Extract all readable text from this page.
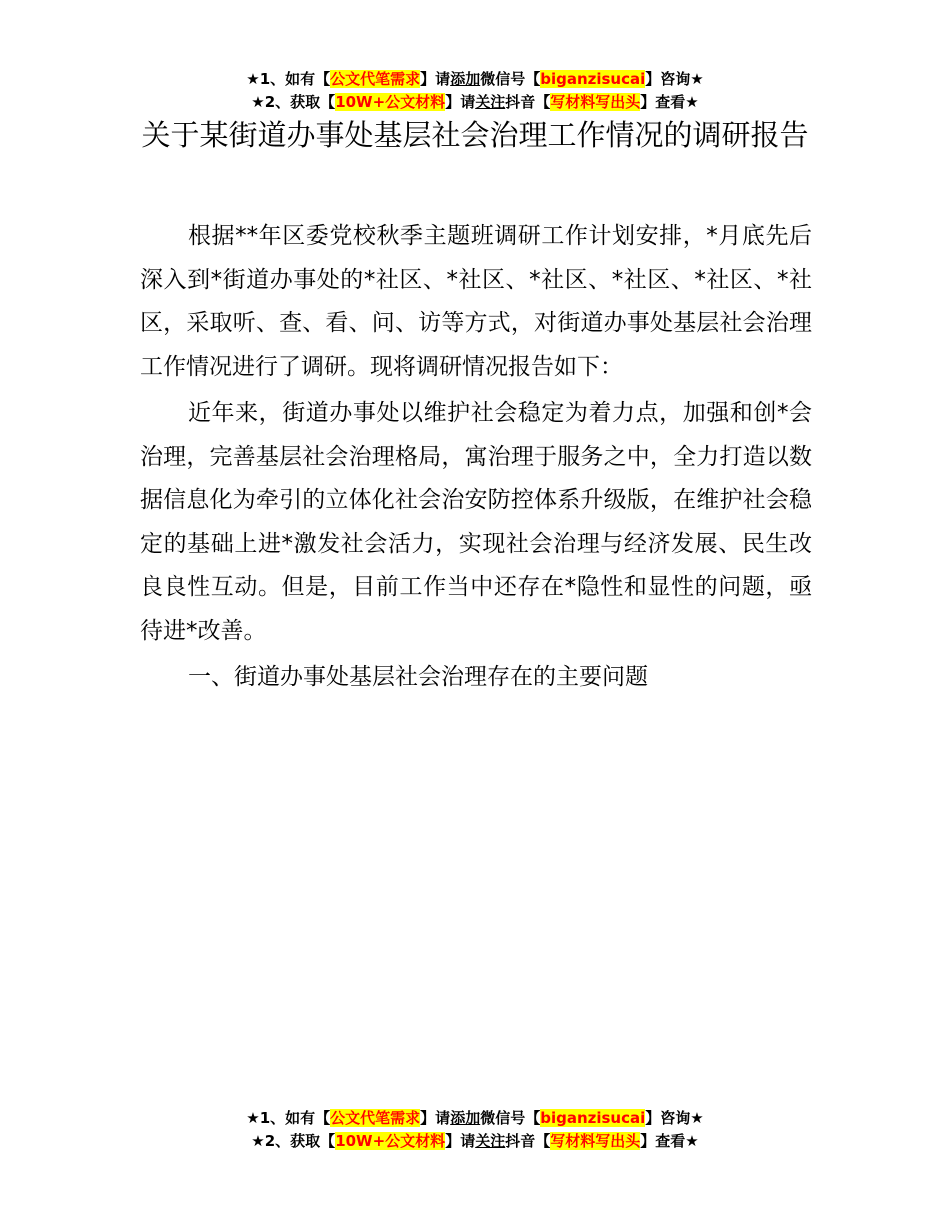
★1、如有【公文代笔需求】请添加微信号【biganzisucai】咨询★
★2、获取【10W+公文材料】请关注抖音【写材料写出头】查看★
关于某街道办事处基层社会治理工作情况的调研报告

根据**年区委党校秋季主题班调研工作计划安排，*月底先后深入到*街道办事处的*社区、*社区、*社区、*社区、*社区、*社区，采取听、查、看、问、访等方式，对街道办事处基层社会治理工作情况进行了调研。现将调研情况报告如下：

近年来，街道办事处以维护社会稳定为着力点，加强和创*会治理，完善基层社会治理格局，寓治理于服务之中，全力打造以数据信息化为牵引的立体化社会治安防控体系升级版，在维护社会稳定的基础上进*激发社会活力，实现社会治理与经济发展、民生改良良性互动。但是，目前工作当中还存在*隐性和显性的问题，亟待进*改善。

一、街道办事处基层社会治理存在的主要问题

★1、如有【公文代笔需求】请添加微信号【biganzisucai】咨询★
★2、获取【10W+公文材料】请关注抖音【写材料写出头】查看★
